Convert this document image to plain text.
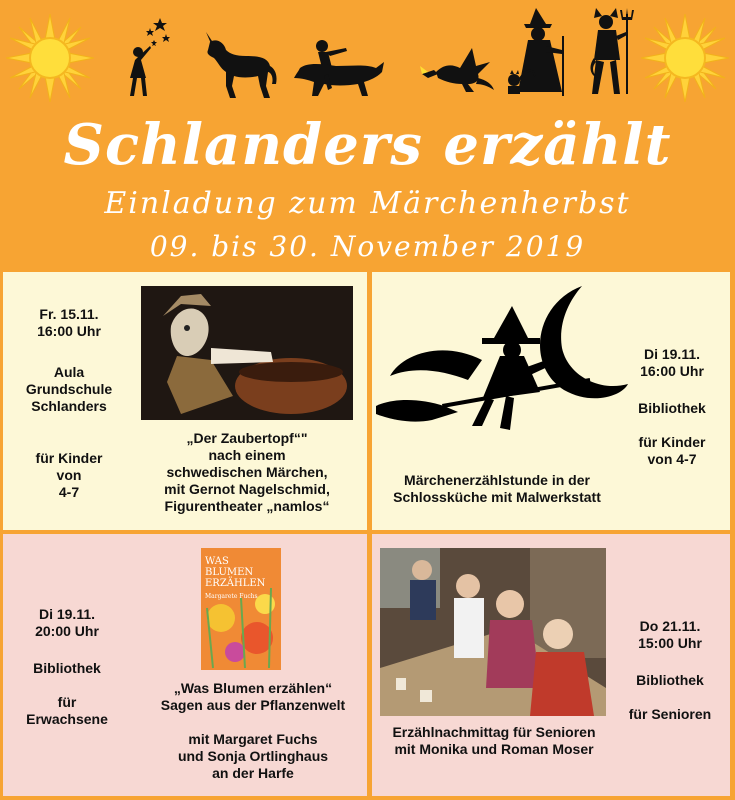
Schlanders erzählt
Einladung zum Märchenherbst
09. bis 30. November 2019
Fr. 15.11.
16:00 Uhr
Aula
Grundschule
Schlanders
für Kinder
von
4-7
„Der Zaubertopf“"
nach einem
schwedischen Märchen,
mit Gernot Nagelschmid,
Figurentheater „namlos“
Di 19.11.
16:00 Uhr
Bibliothek
für Kinder
von 4-7
Märchenerzählstunde in der
Schlossküche mit Malwerkstatt
WAS BLUMEN
ERZÄHLEN
Margarete Fuchs
Di 19.11.
20:00 Uhr
Bibliothek
für
Erwachsene
„Was Blumen erzählen“
Sagen aus der Pflanzenwelt
mit Margaret Fuchs
und Sonja Ortlinghaus
an der Harfe
Do 21.11.
15:00 Uhr
Bibliothek
für Senioren
Erzählnachmittag für Senioren
mit Monika und Roman Moser
